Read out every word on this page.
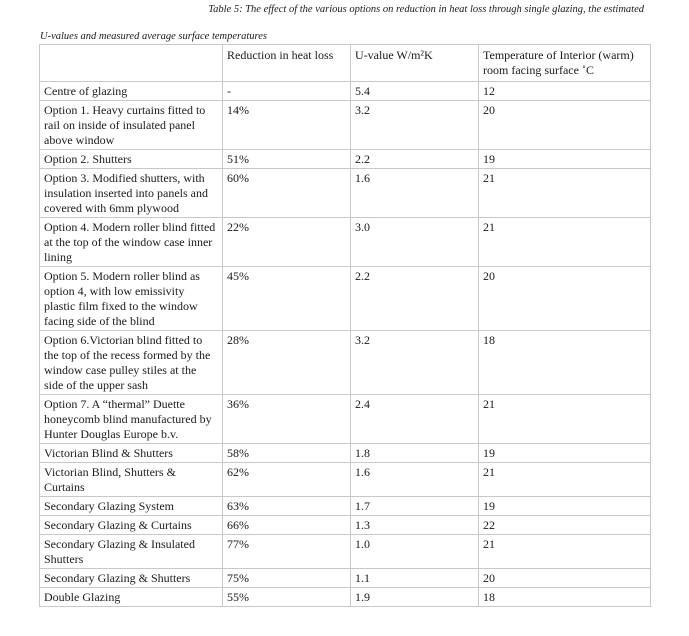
Table 5: The effect of the various options on reduction in heat loss through single glazing, the estimated
U-values and measured average surface temperatures
	Reduction in heat loss	U-value W/m²K	Temperature of Interior (warm) room facing surface ˚C
Centre of glazing	-	5.4	12
Option 1. Heavy curtains fitted to rail on inside of insulated panel above window	14%	3.2	20
Option 2. Shutters	51%	2.2	19
Option 3. Modified shutters, with insulation inserted into panels and covered with 6mm plywood	60%	1.6	21
Option 4. Modern roller blind fitted at the top of the window case inner lining	22%	3.0	21
Option 5. Modern roller blind as option 4, with low emissivity plastic film fixed to the window facing side of the blind	45%	2.2	20
Option 6.Victorian blind fitted to the top of the recess formed by the window case pulley stiles at the side of the upper sash	28%	3.2	18
Option 7. A “thermal” Duette honeycomb blind manufactured by Hunter Douglas Europe b.v.	36%	2.4	21
Victorian Blind & Shutters	58%	1.8	19
Victorian Blind, Shutters & Curtains	62%	1.6	21
Secondary Glazing System	63%	1.7	19
Secondary Glazing & Curtains	66%	1.3	22
Secondary Glazing & Insulated Shutters	77%	1.0	21
Secondary Glazing & Shutters	75%	1.1	20
Double Glazing	55%	1.9	18
